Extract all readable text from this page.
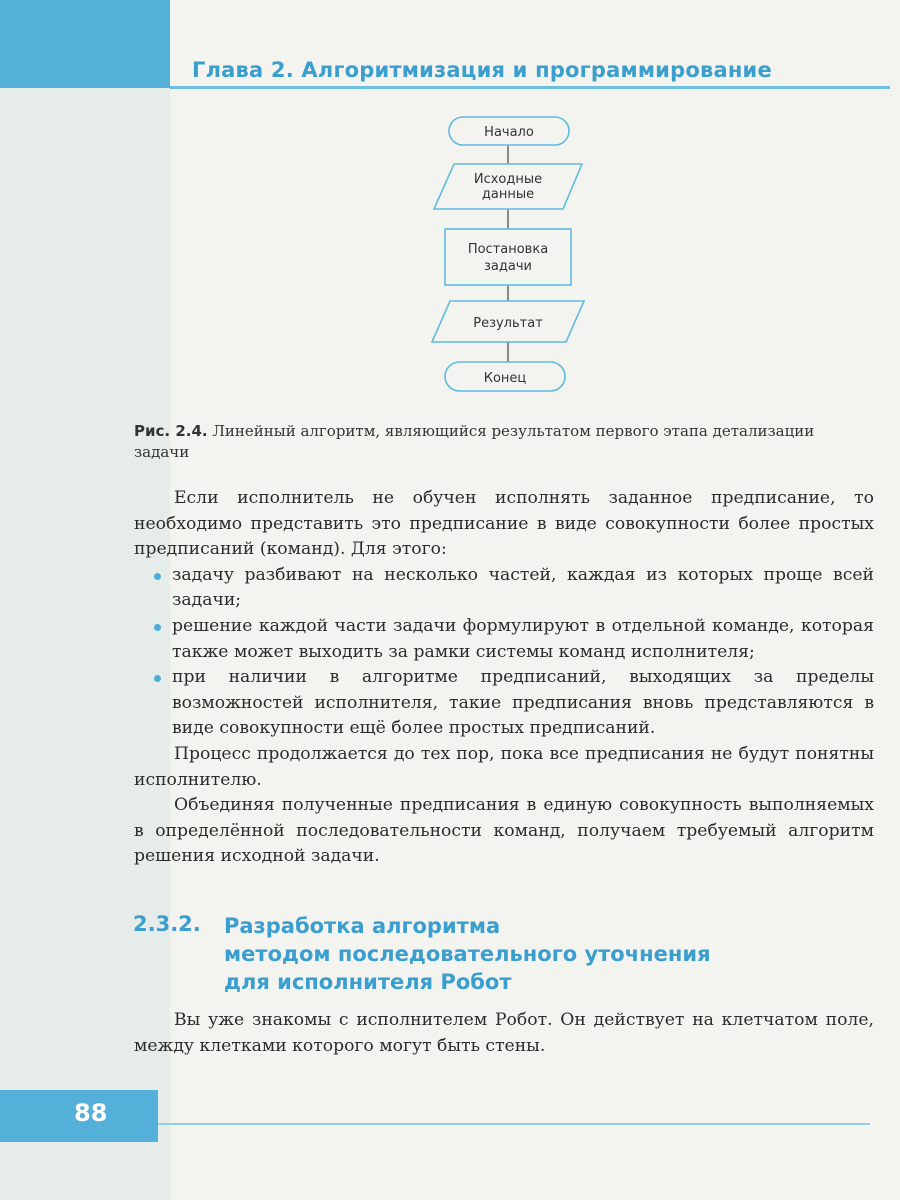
Глава 2. Алгоритмизация и программирование
Начало
Исходные
данные
Постановка
задачи
Результат
Конец
Рис. 2.4. Линейный алгоритм, являющийся результатом первого этапа детализации задачи

Если исполнитель не обучен исполнять заданное предписание, то необходимо представить это предписание в виде совокупности более простых предписаний (команд). Для этого:

задачу разбивают на несколько частей, каждая из которых проще всей задачи;
решение каждой части задачи формулируют в отдельной команде, которая также может выходить за рамки системы команд исполнителя;
при наличии в алгоритме предписаний, выходящих за пределы возможностей исполнителя, такие предписания вновь представляются в виде совокупности ещё более простых предписаний.

Процесс продолжается до тех пор, пока все предписания не будут понятны исполнителю.

Объединяя полученные предписания в единую совокупность выполняемых в определённой последовательности команд, получаем требуемый алгоритм решения исходной задачи.

2.3.2. Разработка алгоритма
методом последовательного уточнения
для исполнителя Робот

Вы уже знакомы с исполнителем Робот. Он действует на клетчатом поле, между клетками которого могут быть стены.

88
